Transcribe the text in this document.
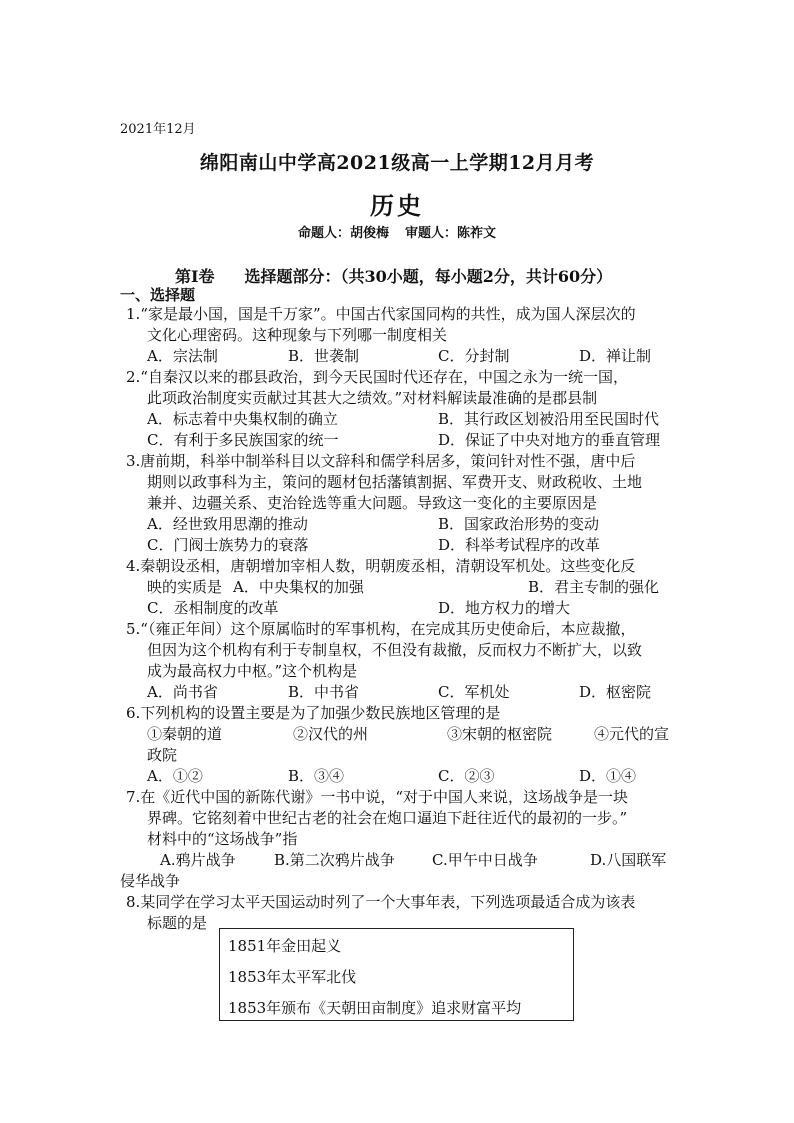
2021年12月
绵阳南山中学高2021级高一上学期12月月考
历史
命题人：胡俊梅 审题人：陈祚文
第Ⅰ卷 选择题部分：（共30小题，每小题2分，共计60分）
一、选择题
1.“家是最小国，国是千万家”。中国古代家国同构的共性，成为国人深层次的
文化心理密码。这种现象与下列哪一制度相关
A．宗法制	B．世袭制	C．分封制	D．禅让制
2.“自秦汉以来的郡县政治，到今天民国时代还存在，中国之永为一统一国，
此项政治制度实贡献过其甚大之绩效。”对材料解读最准确的是郡县制
A．标志着中央集权制的确立	B．其行政区划被沿用至民国时代
C．有利于多民族国家的统一	D．保证了中央对地方的垂直管理
3.唐前期，科举中制举科目以文辞科和儒学科居多，策问针对性不强，唐中后
期则以政事科为主，策问的题材包括藩镇割据、军费开支、财政税收、土地
兼并、边疆关系、吏治铨选等重大问题。导致这一变化的主要原因是
A．经世致用思潮的推动	B．国家政治形势的变动
C．门阀士族势力的衰落	D．科举考试程序的改革
4.秦朝设丞相，唐朝增加宰相人数，明朝废丞相，清朝设军机处。这些变化反
映的实质是 A．中央集权的加强	B．君主专制的强化
C．丞相制度的改革	D．地方权力的增大
5.“（雍正年间）这个原属临时的军事机构，在完成其历史使命后，本应裁撤，
但因为这个机构有利于专制皇权，不但没有裁撤，反而权力不断扩大，以致
成为最高权力中枢。”这个机构是
A．尚书省	B．中书省	C．军机处	D．枢密院
6.下列机构的设置主要是为了加强少数民族地区管理的是
①秦朝的道	②汉代的州	③宋朝的枢密院	④元代的宣
政院
A．①②	B．③④	C．②③	D．①④
7.在《近代中国的新陈代谢》一书中说，“对于中国人来说，这场战争是一块
界碑。它铭刻着中世纪古老的社会在炮口逼迫下赶往近代的最初的一步。”
材料中的“这场战争”指
A.鸦片战争	B.第二次鸦片战争 C.甲午中日战争	D.八国联军
侵华战争
8.某同学在学习太平天国运动时列了一个大事年表，下列选项最适合成为该表
标题的是
1851年金田起义
1853年太平军北伐
1853年颁布《天朝田亩制度》追求财富平均
